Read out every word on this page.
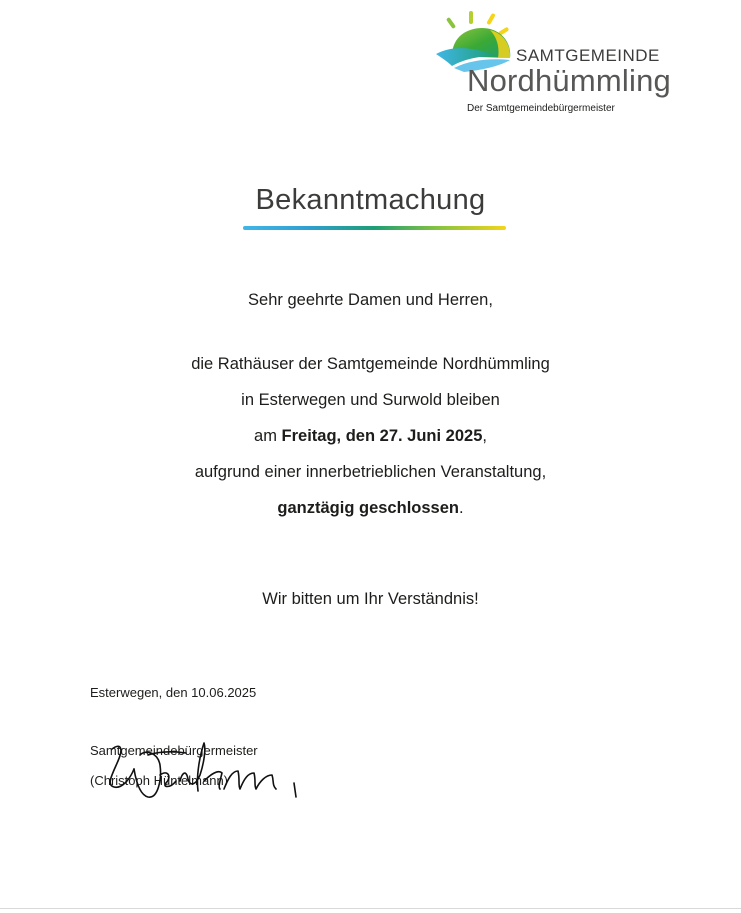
SAMTGEMEINDE
Nordhümmling
Der Samtgemeindebürgermeister
Bekanntmachung
Sehr geehrte Damen und Herren,
die Rathäuser der Samtgemeinde Nordhümmling
in Esterwegen und Surwold bleiben
am Freitag, den 27. Juni 2025,
aufgrund einer innerbetrieblichen Veranstaltung,
ganztägig geschlossen.
Wir bitten um Ihr Verständnis!
Esterwegen, den 10.06.2025
Samtgemeindebürgermeister
(Christoph Hüntelmann)
